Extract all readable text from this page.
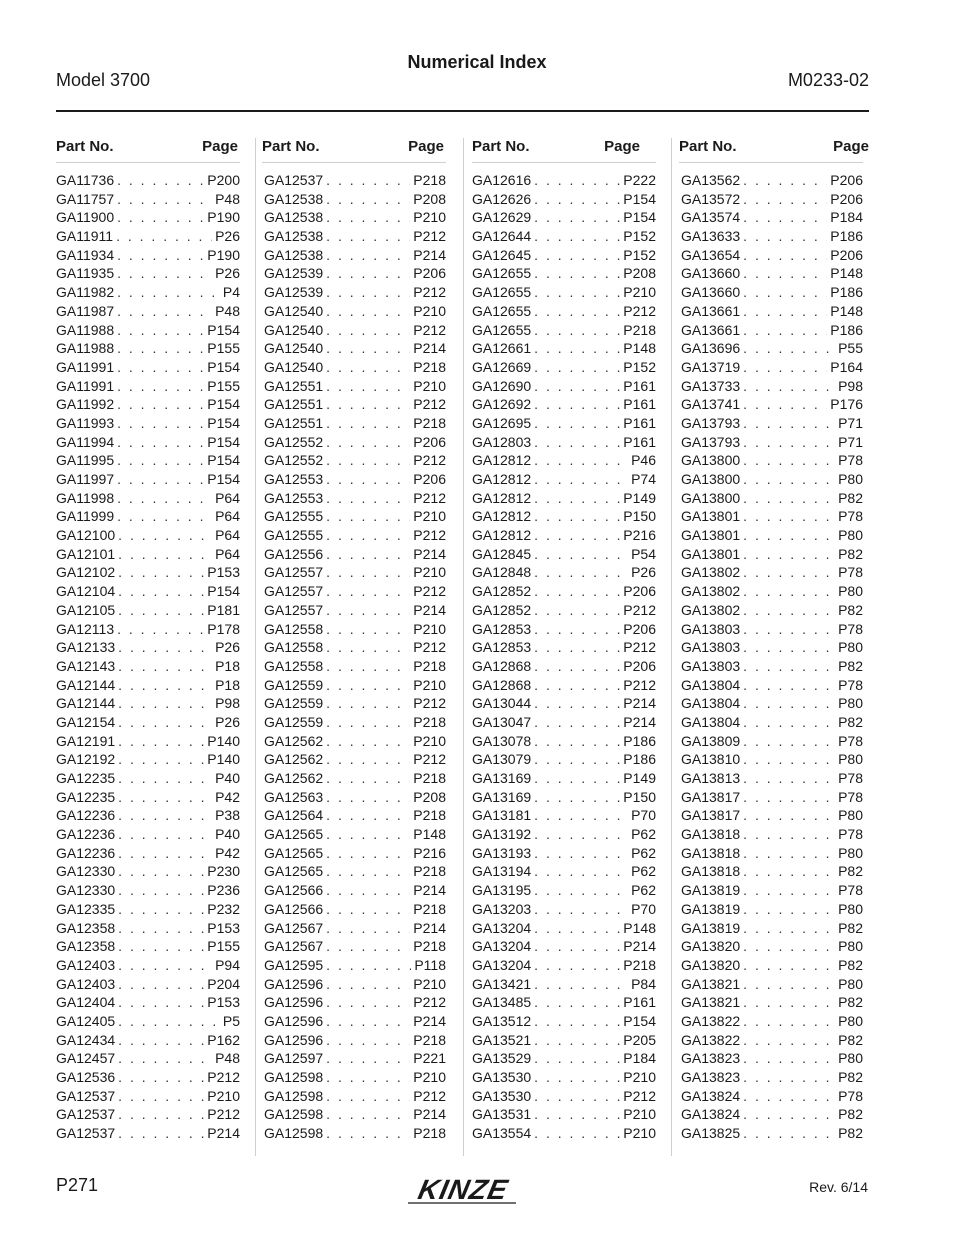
Numerical Index
Model 3700	M0233-02
Part No.	Page
GA11736 . . .	P200
GA11757 . . .	P48
GA11900 . . .	P190
GA11911 . . .	P26
GA11934 . . .	P190
GA11935 . . .	P26
GA11982 . . .	P4
GA11987 . . .	P48
GA11988 . . .	P154
GA11988 . . .	P155
GA11991 . . .	P154
GA11991 . . .	P155
GA11992 . . .	P154
GA11993 . . .	P154
GA11994 . . .	P154
GA11995 . . .	P154
GA11997 . . .	P154
GA11998 . . .	P64
GA11999 . . .	P64
GA12100 . . .	P64
GA12101 . . .	P64
GA12102 . . .	P153
GA12104 . . .	P154
GA12105 . . .	P181
GA12113 . . .	P178
GA12133 . . .	P26
GA12143 . . .	P18
GA12144 . . .	P18
GA12144 . . .	P98
GA12154 . . .	P26
GA12191 . . .	P140
GA12192 . . .	P140
GA12235 . . .	P40
GA12235 . . .	P42
GA12236 . . .	P38
GA12236 . . .	P40
GA12236 . . .	P42
GA12330 . . .	P230
GA12330 . . .	P236
GA12335 . . .	P232
GA12358 . . .	P153
GA12358 . . .	P155
GA12403 . . .	P94
GA12403 . . .	P204
GA12404 . . .	P153
GA12405 . . .	P5
GA12434 . . .	P162
GA12457 . . .	P48
GA12536 . . .	P212
GA12537 . . .	P210
GA12537 . . .	P212
GA12537 . . .	P214
Part No.	Page
GA12537 . . .	P218
GA12538 . . .	P208
GA12538 . . .	P210
GA12538 . . .	P212
GA12538 . . .	P214
GA12539 . . .	P206
GA12539 . . .	P212
GA12540 . . .	P210
GA12540 . . .	P212
GA12540 . . .	P214
GA12540 . . .	P218
GA12551 . . .	P210
GA12551 . . .	P212
GA12551 . . .	P218
GA12552 . . .	P206
GA12552 . . .	P212
GA12553 . . .	P206
GA12553 . . .	P212
GA12555 . . .	P210
GA12555 . . .	P212
GA12556 . . .	P214
GA12557 . . .	P210
GA12557 . . .	P212
GA12557 . . .	P214
GA12558 . . .	P210
GA12558 . . .	P212
GA12558 . . .	P218
GA12559 . . .	P210
GA12559 . . .	P212
GA12559 . . .	P218
GA12562 . . .	P210
GA12562 . . .	P212
GA12562 . . .	P218
GA12563 . . .	P208
GA12564 . . .	P218
GA12565 . . .	P148
GA12565 . . .	P216
GA12565 . . .	P218
GA12566 . . .	P214
GA12566 . . .	P218
GA12567 . . .	P214
GA12567 . . .	P218
GA12595 . . .	P118
GA12596 . . .	P210
GA12596 . . .	P212
GA12596 . . .	P214
GA12596 . . .	P218
GA12597 . . .	P221
GA12598 . . .	P210
GA12598 . . .	P212
GA12598 . . .	P214
GA12598 . . .	P218
Part No.	Page
GA12616 . . .	P222
GA12626 . . .	P154
GA12629 . . .	P154
GA12644 . . .	P152
GA12645 . . .	P152
GA12655 . . .	P208
GA12655 . . .	P210
GA12655 . . .	P212
GA12655 . . .	P218
GA12661 . . .	P148
GA12669 . . .	P152
GA12690 . . .	P161
GA12692 . . .	P161
GA12695 . . .	P161
GA12803 . . .	P161
GA12812 . . .	P46
GA12812 . . .	P74
GA12812 . . .	P149
GA12812 . . .	P150
GA12812 . . .	P216
GA12845 . . .	P54
GA12848 . . .	P26
GA12852 . . .	P206
GA12852 . . .	P212
GA12853 . . .	P206
GA12853 . . .	P212
GA12868 . . .	P206
GA12868 . . .	P212
GA13044 . . .	P214
GA13047 . . .	P214
GA13078 . . .	P186
GA13079 . . .	P186
GA13169 . . .	P149
GA13169 . . .	P150
GA13181 . . .	P70
GA13192 . . .	P62
GA13193 . . .	P62
GA13194 . . .	P62
GA13195 . . .	P62
GA13203 . . .	P70
GA13204 . . .	P148
GA13204 . . .	P214
GA13204 . . .	P218
GA13421 . . .	P84
GA13485 . . .	P161
GA13512 . . .	P154
GA13521 . . .	P205
GA13529 . . .	P184
GA13530 . . .	P210
GA13530 . . .	P212
GA13531 . . .	P210
GA13554 . . .	P210
Part No.	Page
GA13562 . . .	P206
GA13572 . . .	P206
GA13574 . . .	P184
GA13633 . . .	P186
GA13654 . . .	P206
GA13660 . . .	P148
GA13660 . . .	P186
GA13661 . . .	P148
GA13661 . . .	P186
GA13696 . . .	P55
GA13719 . . .	P164
GA13733 . . .	P98
GA13741 . . .	P176
GA13793 . . .	P71
GA13793 . . .	P71
GA13800 . . .	P78
GA13800 . . .	P80
GA13800 . . .	P82
GA13801 . . .	P78
GA13801 . . .	P80
GA13801 . . .	P82
GA13802 . . .	P78
GA13802 . . .	P80
GA13802 . . .	P82
GA13803 . . .	P78
GA13803 . . .	P80
GA13803 . . .	P82
GA13804 . . .	P78
GA13804 . . .	P80
GA13804 . . .	P82
GA13809 . . .	P78
GA13810 . . .	P80
GA13813 . . .	P78
GA13817 . . .	P78
GA13817 . . .	P80
GA13818 . . .	P78
GA13818 . . .	P80
GA13818 . . .	P82
GA13819 . . .	P78
GA13819 . . .	P80
GA13819 . . .	P82
GA13820 . . .	P80
GA13820 . . .	P82
GA13821 . . .	P80
GA13821 . . .	P82
GA13822 . . .	P80
GA13822 . . .	P82
GA13823 . . .	P80
GA13823 . . .	P82
GA13824 . . .	P78
GA13824 . . .	P82
GA13825 . . .	P82
P271	KINZE	Rev. 6/14
